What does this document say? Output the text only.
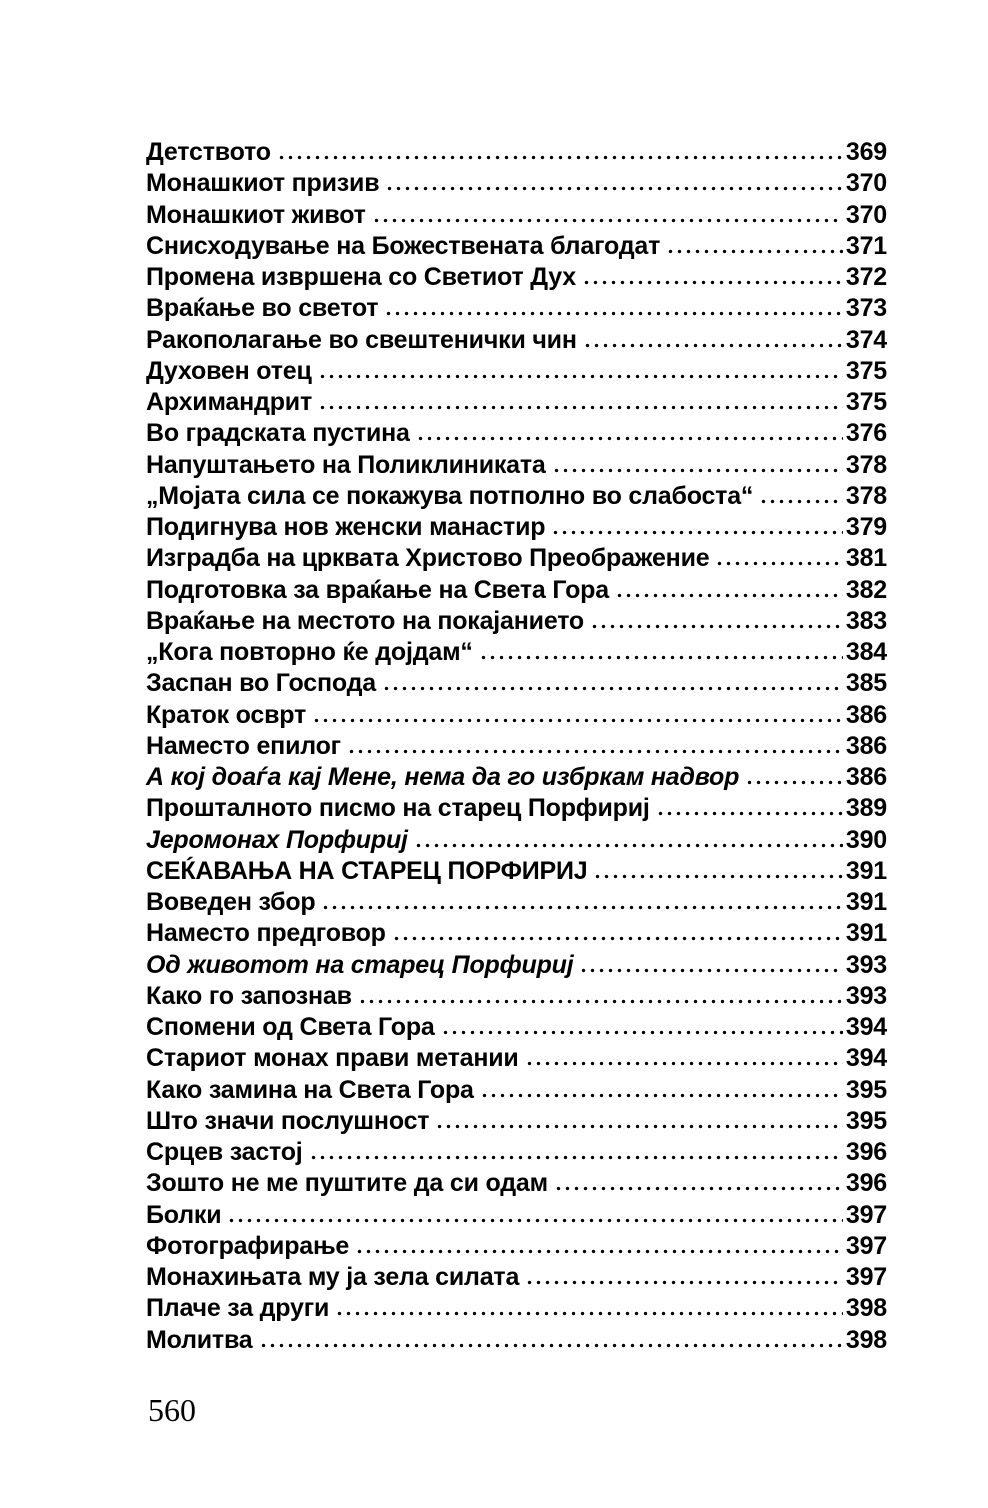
Детството	369
Монашкиот призив	370
Монашкиот живот	370
Снисходување на Божествената благодат	371
Промена извршена со Светиот Дух	372
Враќање во светот	373
Ракополагање во свештенички чин	374
Духовен отец	375
Архимандрит	375
Во градската пустина	376
Напуштањето на Поликлиниката	378
„Мојата сила се покажува потполно во слабоста“	378
Подигнува нов женски манастир	379
Изградба на црквата Христово Преображение	381
Подготовка за враќање на Света Гора	382
Враќање на местото на покајанието	383
„Кога повторно ќе дојдам“	384
Заспан во Господа	385
Краток осврт	386
Наместо епилог	386
А кој доаѓа кај Мене, нема да го избркам надвор	386
Прошталното писмо на старец Порфириј	389
Јеромонах Порфириј	390
СЕЌАВАЊА НА СТАРЕЦ ПОРФИРИЈ	391
Воведен збор	391
Наместо предговор	391
Од животот на старец Порфириј	393
Како го запознав	393
Спомени од Света Гора	394
Стариот монах прави метании	394
Како замина на Света Гора	395
Што значи послушност	395
Срцев застој	396
Зошто не ме пуштите да си одам	396
Болки	397
Фотографирање	397
Монахињата му ја зела силата	397
Плаче за други	398
Молитва	398
560
